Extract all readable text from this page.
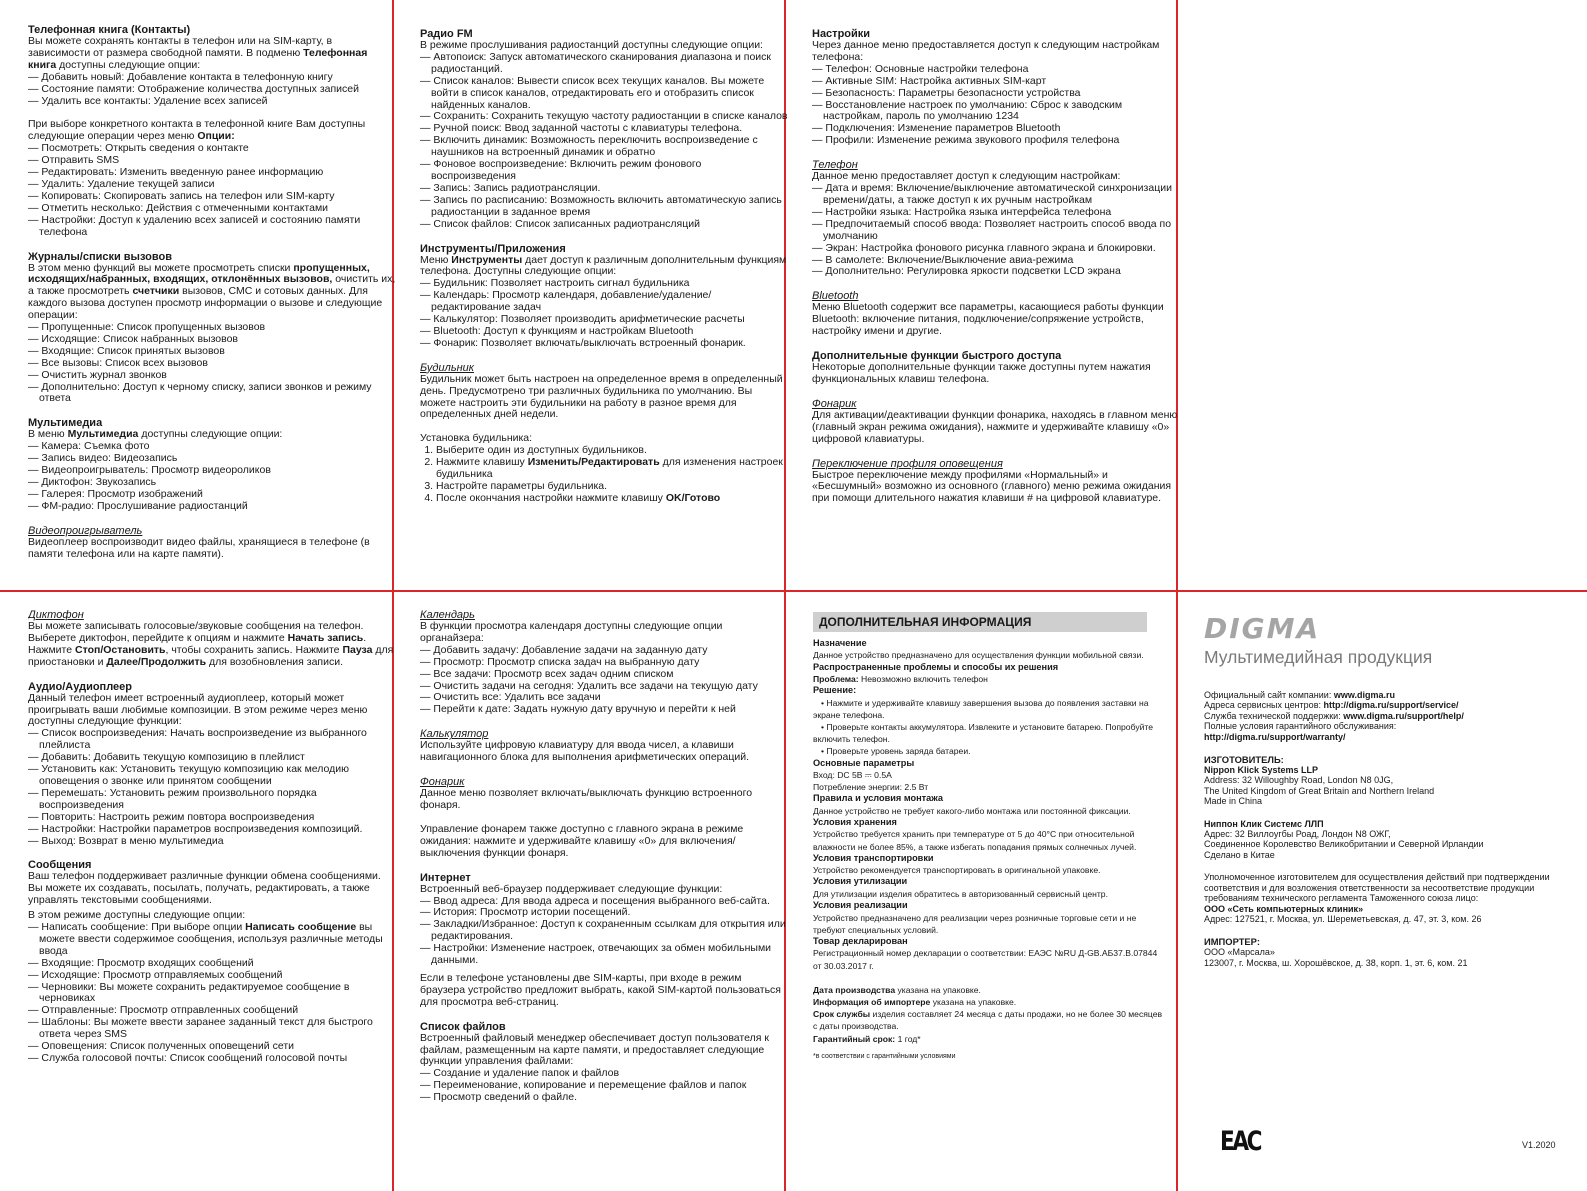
Телефонная книга (Контакты)

Вы можете сохранять контакты в телефон или на SIM-карту, в зависимости от размера свободной памяти. В подменю Телефонная книга доступны следующие опции:

— Добавить новый: Добавление контакта в телефонную книгу
— Состояние памяти: Отображение количества доступных записей
— Удалить все контакты: Удаление всех записей

При выборе конкретного контакта в телефонной книге Вам доступны следующие операции через меню Опции:

— Посмотреть: Открыть сведения о контакте
— Отправить SMS
— Редактировать: Изменить введенную ранее информацию
— Удалить: Удаление текущей записи
— Копировать: Скопировать запись на телефон или SIM-карту
— Отметить несколько: Действия с отмеченными контактами
— Настройки: Доступ к удалению всех записей и состоянию памяти телефона

Журналы/списки вызовов

В этом меню функций вы можете просмотреть списки пропущенных, исходящих/набранных, входящих, отклонённых вызовов, очистить их, а также просмотреть счетчики вызовов, СМС и сотовых данных. Для каждого вызова доступен просмотр информации о вызове и следующие операции:

— Пропущенные: Список пропущенных вызовов
— Исходящие: Список набранных вызовов
— Входящие: Список принятых вызовов
— Все вызовы: Список всех вызовов
— Очистить журнал звонков
— Дополнительно: Доступ к черному списку, записи звонков и режиму ответа

Мультимедиа

В меню Мультимедиа доступны следующие опции:

— Камера: Съемка фото
— Запись видео: Видеозапись
— Видеопроигрыватель: Просмотр видеороликов
— Диктофон: Звукозапись
— Галерея: Просмотр изображений
— ФМ-радио: Прослушивание радиостанций

Видеопроигрыватель

Видеоплеер воспроизводит видео файлы, хранящиеся в телефоне (в памяти телефона или на карте памяти).

Радио FM

В режиме прослушивания радиостанций доступны следующие опции:

— Автопоиск: Запуск автоматического сканирования диапазона и поиск радиостанций.
— Список каналов: Вывести список всех текущих каналов. Вы можете войти в список каналов, отредактировать его и отобразить список найденных каналов.
— Сохранить: Сохранить текущую частоту радиостанции в списке каналов
— Ручной поиск: Ввод заданной частоты с клавиатуры телефона.
— Включить динамик: Возможность переключить воспроизведение с наушников на встроенный динамик и обратно
— Фоновое воспроизведение: Включить режим фонового воспроизведения
— Запись: Запись радиотрансляции.
— Запись по расписанию: Возможность включить автоматическую запись радиостанции в заданное время
— Список файлов: Список записанных радиотрансляций

Инструменты/Приложения

Меню Инструменты дает доступ к различным дополнительным функциям телефона. Доступны следующие опции:

— Будильник: Позволяет настроить сигнал будильника
— Календарь: Просмотр календаря, добавление/удаление/редактирование задач
— Калькулятор: Позволяет производить арифметические расчеты
— Bluetooth: Доступ к функциям и настройкам Bluetooth
— Фонарик: Позволяет включать/выключать встроенный фонарик.

Будильник

Будильник может быть настроен на определенное время в определенный день. Предусмотрено три различных будильника по умолчанию. Вы можете настроить эти будильники на работу в разное время для определенных дней недели.

Установка будильника:

1. Выберите один из доступных будильников.
2. Нажмите клавишу Изменить/Редактировать для изменения настроек будильника
3. Настройте параметры будильника.
4. После окончания настройки нажмите клавишу OK/Готово

Настройки

Через данное меню предоставляется доступ к следующим настройкам телефона:

— Телефон: Основные настройки телефона
— Активные SIM: Настройка активных SIM-карт
— Безопасность: Параметры безопасности устройства
— Восстановление настроек по умолчанию: Сброс к заводским настройкам, пароль по умолчанию 1234
— Подключения: Изменение параметров Bluetooth
— Профили: Изменение режима звукового профиля телефона

Телефон

Данное меню предоставляет доступ к следующим настройкам:

— Дата и время: Включение/выключение автоматической синхронизации времени/даты, а также доступ к их ручным настройкам
— Настройки языка: Настройка языка интерфейса телефона
— Предпочитаемый способ ввода: Позволяет настроить способ ввода по умолчанию
— Экран: Настройка фонового рисунка главного экрана и блокировки.
— В самолете: Включение/Выключение авиа-режима
— Дополнительно: Регулировка яркости подсветки LCD экрана

Bluetooth

Меню Bluetooth содержит все параметры, касающиеся работы функции Bluetooth: включение питания, подключение/сопряжение устройств, настройку имени и другие.

Дополнительные функции быстрого доступа

Некоторые дополнительные функции также доступны путем нажатия функциональных клавиш телефона.

Фонарик

Для активации/деактивации функции фонарика, находясь в главном меню (главный экран режима ожидания), нажмите и удерживайте клавишу «0» цифровой клавиатуры.

Переключение профиля оповещения

Быстрое переключение между профилями «Нормальный» и «Бесшумный» возможно из основного (главного) меню режима ожидания при помощи длительного нажатия клавиши # на цифровой клавиатуре.

Диктофон

Вы можете записывать голосовые/звуковые сообщения на телефон. Выберете диктофон, перейдите к опциям и нажмите Начать запись. Нажмите Стоп/Остановить, чтобы сохранить запись. Нажмите Пауза для приостановки и Далее/Продолжить для возобновления записи.

Аудио/Аудиоплеер

Данный телефон имеет встроенный аудиоплеер, который может проигрывать ваши любимые композиции. В этом режиме через меню доступны следующие функции:

— Список воспроизведения: Начать воспроизведение из выбранного плейлиста
— Добавить: Добавить текущую композицию в плейлист
— Установить как: Установить текущую композицию как мелодию оповещения о звонке или принятом сообщении
— Перемешать: Установить режим произвольного порядка воспроизведения
— Повторить: Настроить режим повтора воспроизведения
— Настройки: Настройки параметров воспроизведения композиций.
— Выход: Возврат в меню мультимедиа

Сообщения

Ваш телефон поддерживает различные функции обмена сообщениями. Вы можете их создавать, посылать, получать, редактировать, а также управлять текстовыми сообщениями.

В этом режиме доступны следующие опции:

— Написать сообщение: При выборе опции Написать сообщение вы можете ввести содержимое сообщения, используя различные методы ввода
— Входящие: Просмотр входящих сообщений
— Исходящие: Просмотр отправляемых сообщений
— Черновики: Вы можете сохранить редактируемое сообщение в черновиках
— Отправленные: Просмотр отправленных сообщений
— Шаблоны: Вы можете ввести заранее заданный текст для быстрого ответа через SMS
— Оповещения: Список полученных оповещений сети
— Служба голосовой почты: Список сообщений голосовой почты

Календарь

В функции просмотра календаря доступны следующие опции органайзера:

— Добавить задачу: Добавление задачи на заданную дату
— Просмотр: Просмотр списка задач на выбранную дату
— Все задачи: Просмотр всех задач одним списком
— Очистить задачи на сегодня: Удалить все задачи на текущую дату
— Очистить все: Удалить все задачи
— Перейти к дате: Задать нужную дату вручную и перейти к ней

Калькулятор

Используйте цифровую клавиатуру для ввода чисел, а клавиши навигационного блока для выполнения арифметических операций.

Фонарик

Данное меню позволяет включать/выключать функцию встроенного фонаря.

Управление фонарем также доступно с главного экрана в режиме ожидания: нажмите и удерживайте клавишу «0» для включения/выключения функции фонаря.

Интернет

Встроенный веб-браузер поддерживает следующие функции:

— Ввод адреса: Для ввода адреса и посещения выбранного веб-сайта.
— История: Просмотр истории посещений.
— Закладки/Избранное: Доступ к сохраненным ссылкам для открытия или редактирования.
— Настройки: Изменение настроек, отвечающих за обмен мобильными данными.

Если в телефоне установлены две SIM-карты, при входе в режим браузера устройство предложит выбрать, какой SIM-картой пользоваться для просмотра веб-страниц.

Список файлов

Встроенный файловый менеджер обеспечивает доступ пользователя к файлам, размещенным на карте памяти, и предоставляет следующие функции управления файлами:

— Создание и удаление папок и файлов
— Переименование, копирование и перемещение файлов и папок
— Просмотр сведений о файле.

ДОПОЛНИТЕЛЬНАЯ ИНФОРМАЦИЯ

Назначение

Данное устройство предназначено для осуществления функции мобильной связи.

Распространенные проблемы и способы их решения

Проблема: Невозможно включить телефон

Решение:

• Нажмите и удерживайте клавишу завершения вызова до появления заставки на экране телефона.

• Проверьте контакты аккумулятора. Извлеките и установите батарею. Попробуйте включить телефон.

• Проверьте уровень заряда батареи.

Основные параметры

Вход: DC 5В ⎓ 0.5А

Потребление энергии: 2.5 Вт

Правила и условия монтажа

Данное устройство не требует какого-либо монтажа или постоянной фиксации.

Условия хранения

Устройство требуется хранить при температуре от 5 до 40°С при относительной влажности не более 85%, а также избегать попадания прямых солнечных лучей.

Условия транспортировки

Устройство рекомендуется транспортировать в оригинальной упаковке.

Условия утилизации

Для утилизации изделия обратитесь в авторизованный сервисный центр.

Условия реализации

Устройство предназначено для реализации через розничные торговые сети и не требуют специальных условий.

Товар декларирован

Регистрационный номер декларации о соответствии: ЕАЭС №RU Д-GB.АБ37.В.07844 от 30.03.2017 г.

Дата производства указана на упаковке.

Информация об импортере указана на упаковке.

Срок службы изделия составляет 24 месяца с даты продажи, но не более 30 месяцев с даты производства.

Гарантийный срок: 1 год*

*в соответствии с гарантийными условиями

DIGMA

Мультимедийная продукция

Официальный сайт компании: www.digma.ru

Адреса сервисных центров: http://digma.ru/support/service/

Служба технической поддержки: www.digma.ru/support/help/

Полные условия гарантийного обслуживания:

http://digma.ru/support/warranty/

ИЗГОТОВИТЕЛЬ:

Nippon Klick Systems LLP

Address: 32 Willoughby Road, London N8 0JG,

The United Kingdom of Great Britain and Northern Ireland

Made in China

Ниппон Клик Системс ЛЛП

Адрес: 32 Виллоугбы Роад, Лондон N8 ОЖГ,

Соединенное Королевство Великобритании и Северной Ирландии

Сделано в Китае

Уполномоченное изготовителем для осуществления действий при подтверждении соответствия и для возложения ответственности за несоответствие продукции требованиям технического регламента Таможенного союза лицо:

ООО «Сеть компьютерных клиник»

Адрес: 127521, г. Москва, ул. Шереметьевская, д. 47, эт. 3, ком. 26

ИМПОРТЕР:

ООО «Марсала»

123007, г. Москва, ш. Хорошёвское, д. 38, корп. 1, эт. 6, ком. 21

EAC	V1.2020
